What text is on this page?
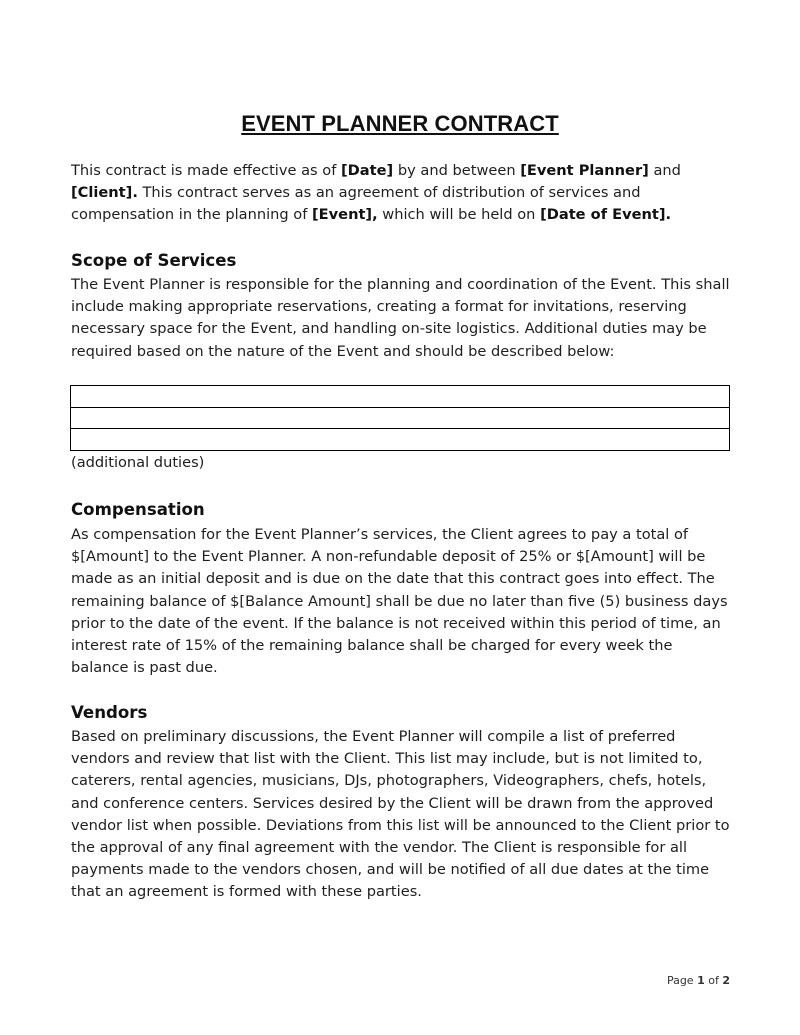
EVENT PLANNER CONTRACT

This contract is made effective as of [Date] by and between [Event Planner] and [Client]. This contract serves as an agreement of distribution of services and compensation in the planning of [Event], which will be held on [Date of Event].

Scope of Services

The Event Planner is responsible for the planning and coordination of the Event. This shall include making appropriate reservations, creating a format for invitations, reserving necessary space for the Event, and handling on-site logistics. Additional duties may be required based on the nature of the Event and should be described below:

(additional duties)

Compensation

As compensation for the Event Planner’s services, the Client agrees to pay a total of $[Amount] to the Event Planner. A non-refundable deposit of 25% or $[Amount] will be made as an initial deposit and is due on the date that this contract goes into effect. The remaining balance of $[Balance Amount] shall be due no later than five (5) business days prior to the date of the event. If the balance is not received within this period of time, an interest rate of 15% of the remaining balance shall be charged for every week the balance is past due.

Vendors

Based on preliminary discussions, the Event Planner will compile a list of preferred vendors and review that list with the Client. This list may include, but is not limited to, caterers, rental agencies, musicians, DJs, photographers, Videographers, chefs, hotels, and conference centers. Services desired by the Client will be drawn from the approved vendor list when possible. Deviations from this list will be announced to the Client prior to the approval of any final agreement with the vendor. The Client is responsible for all payments made to the vendors chosen, and will be notified of all due dates at the time that an agreement is formed with these parties.

Page 1 of 2
